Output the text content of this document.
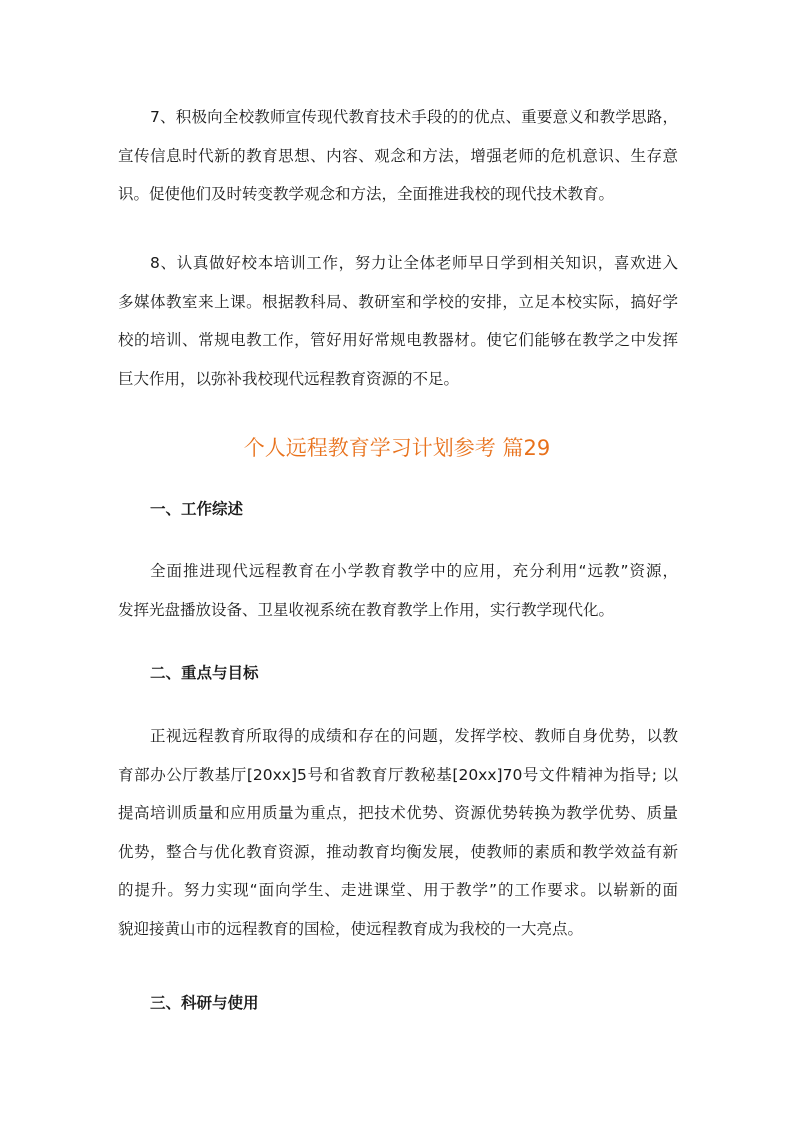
7、积极向全校教师宣传现代教育技术手段的的优点、重要意义和教学思路，
宣传信息时代新的教育思想、内容、观念和方法，增强老师的危机意识、生存意
识。促使他们及时转变教学观念和方法，全面推进我校的现代技术教育。

8、认真做好校本培训工作，努力让全体老师早日学到相关知识，喜欢进入
多媒体教室来上课。根据教科局、教研室和学校的安排，立足本校实际，搞好学
校的培训、常规电教工作，管好用好常规电教器材。使它们能够在教学之中发挥
巨大作用，以弥补我校现代远程教育资源的不足。

个人远程教育学习计划参考 篇29
一、工作综述

全面推进现代远程教育在小学教育教学中的应用，充分利用“远教”资源，
发挥光盘播放设备、卫星收视系统在教育教学上作用，实行教学现代化。

二、重点与目标

正视远程教育所取得的成绩和存在的问题，发挥学校、教师自身优势，以教
育部办公厅教基厅[20xx]5号和省教育厅教秘基[20xx]70号文件精神为指导; 以
提高培训质量和应用质量为重点，把技术优势、资源优势转换为教学优势、质量
优势，整合与优化教育资源，推动教育均衡发展，使教师的素质和教学效益有新
的提升。努力实现“面向学生、走进课堂、用于教学”的工作要求。以崭新的面
貌迎接黄山市的远程教育的国检，使远程教育成为我校的一大亮点。

三、科研与使用
